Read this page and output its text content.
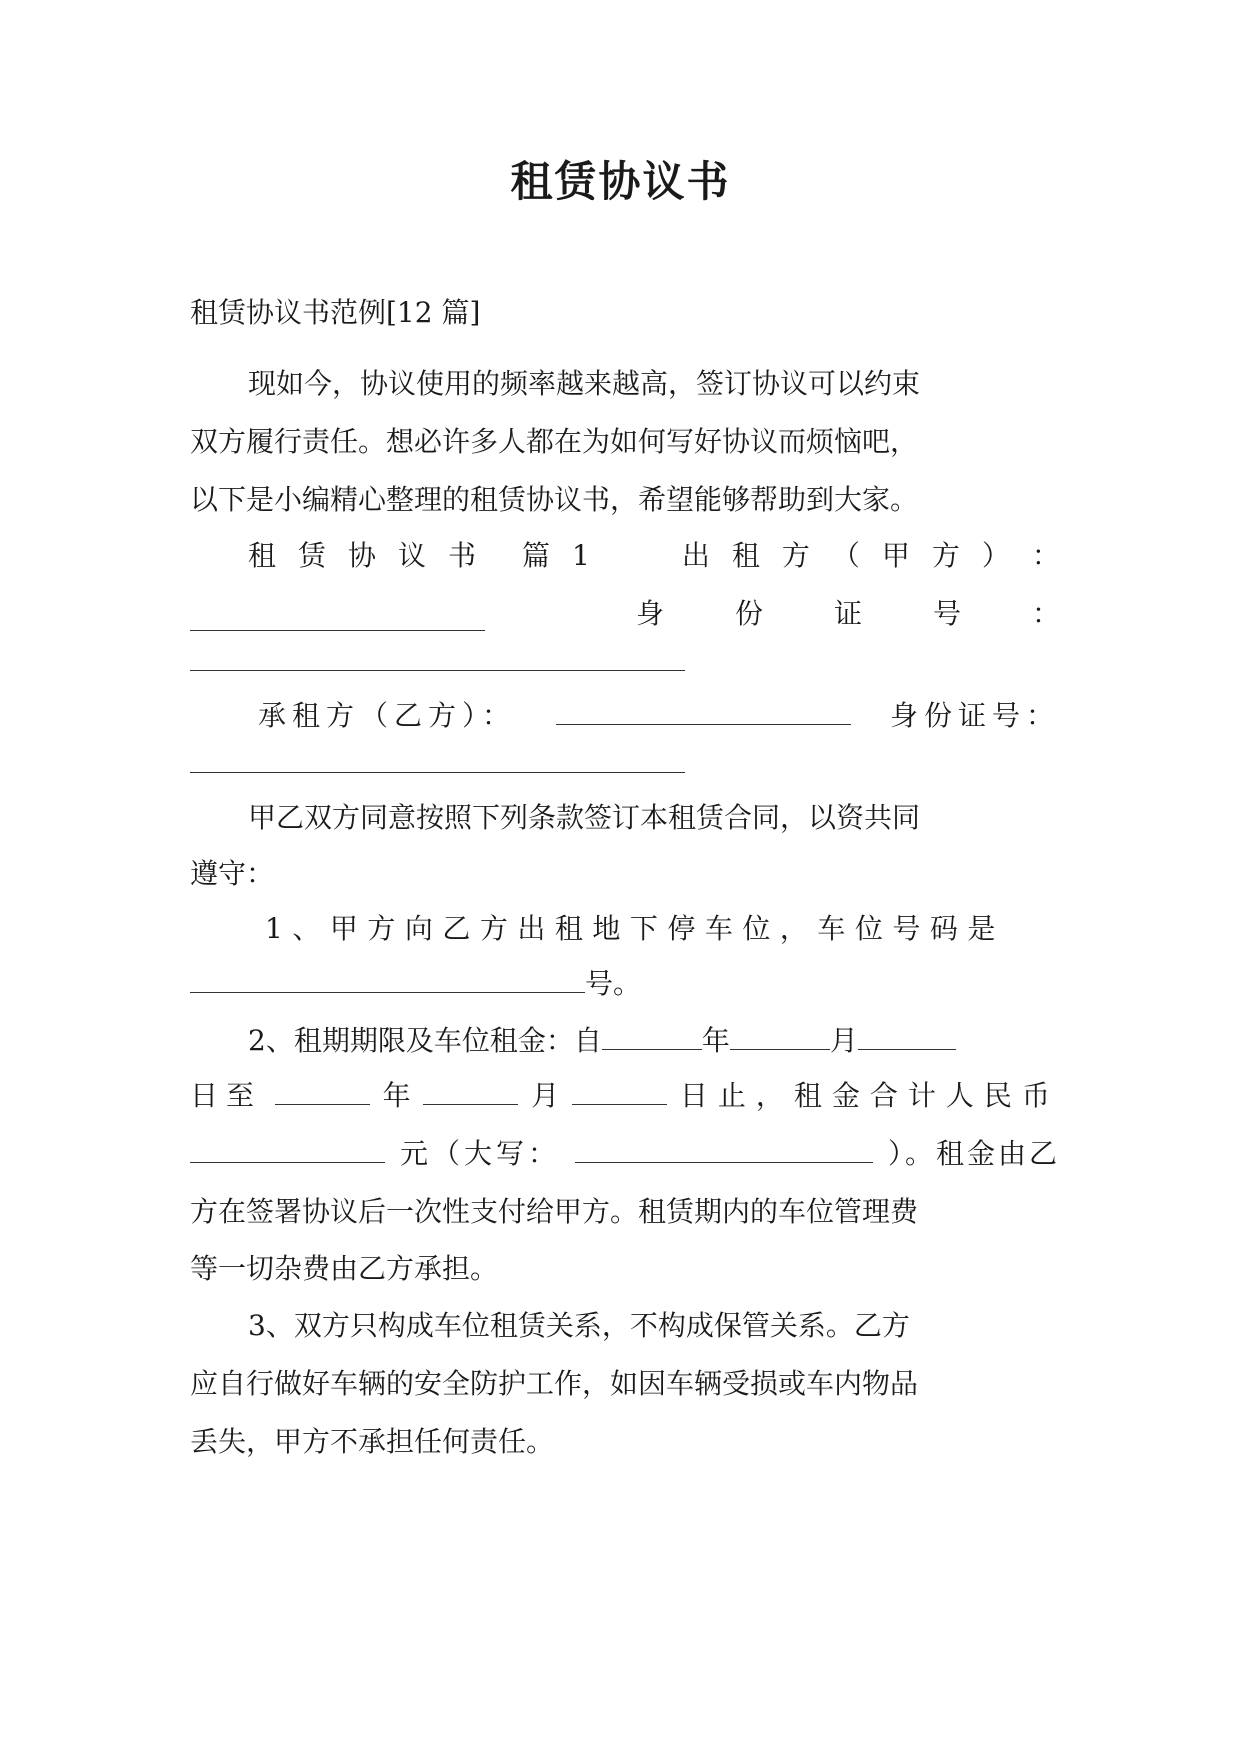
租赁协议书
租赁协议书范例[12 篇]
现如今，协议使用的频率越来越高，签订协议可以约束
双方履行责任。想必许多人都在为如何写好协议而烦恼吧，
以下是小编精心整理的租赁协议书，希望能够帮助到大家。
租 赁 协 议 书 篇 1	出 租 方 （ 甲 方 ） ：
身	份	证	号	：
承租方（乙方）：	身份证号：
甲乙双方同意按照下列条款签订本租赁合同，以资共同
遵守：
1、甲方向乙方出租地下停车位，车位号码是
号。
2、租期期限及车位租金：自	年	月
日至	年	月	日止，租金合计人民币
元（大写：	）。租金由乙
方在签署协议后一次性支付给甲方。租赁期内的车位管理费
等一切杂费由乙方承担。
3、双方只构成车位租赁关系，不构成保管关系。乙方
应自行做好车辆的安全防护工作，如因车辆受损或车内物品
丢失，甲方不承担任何责任。
